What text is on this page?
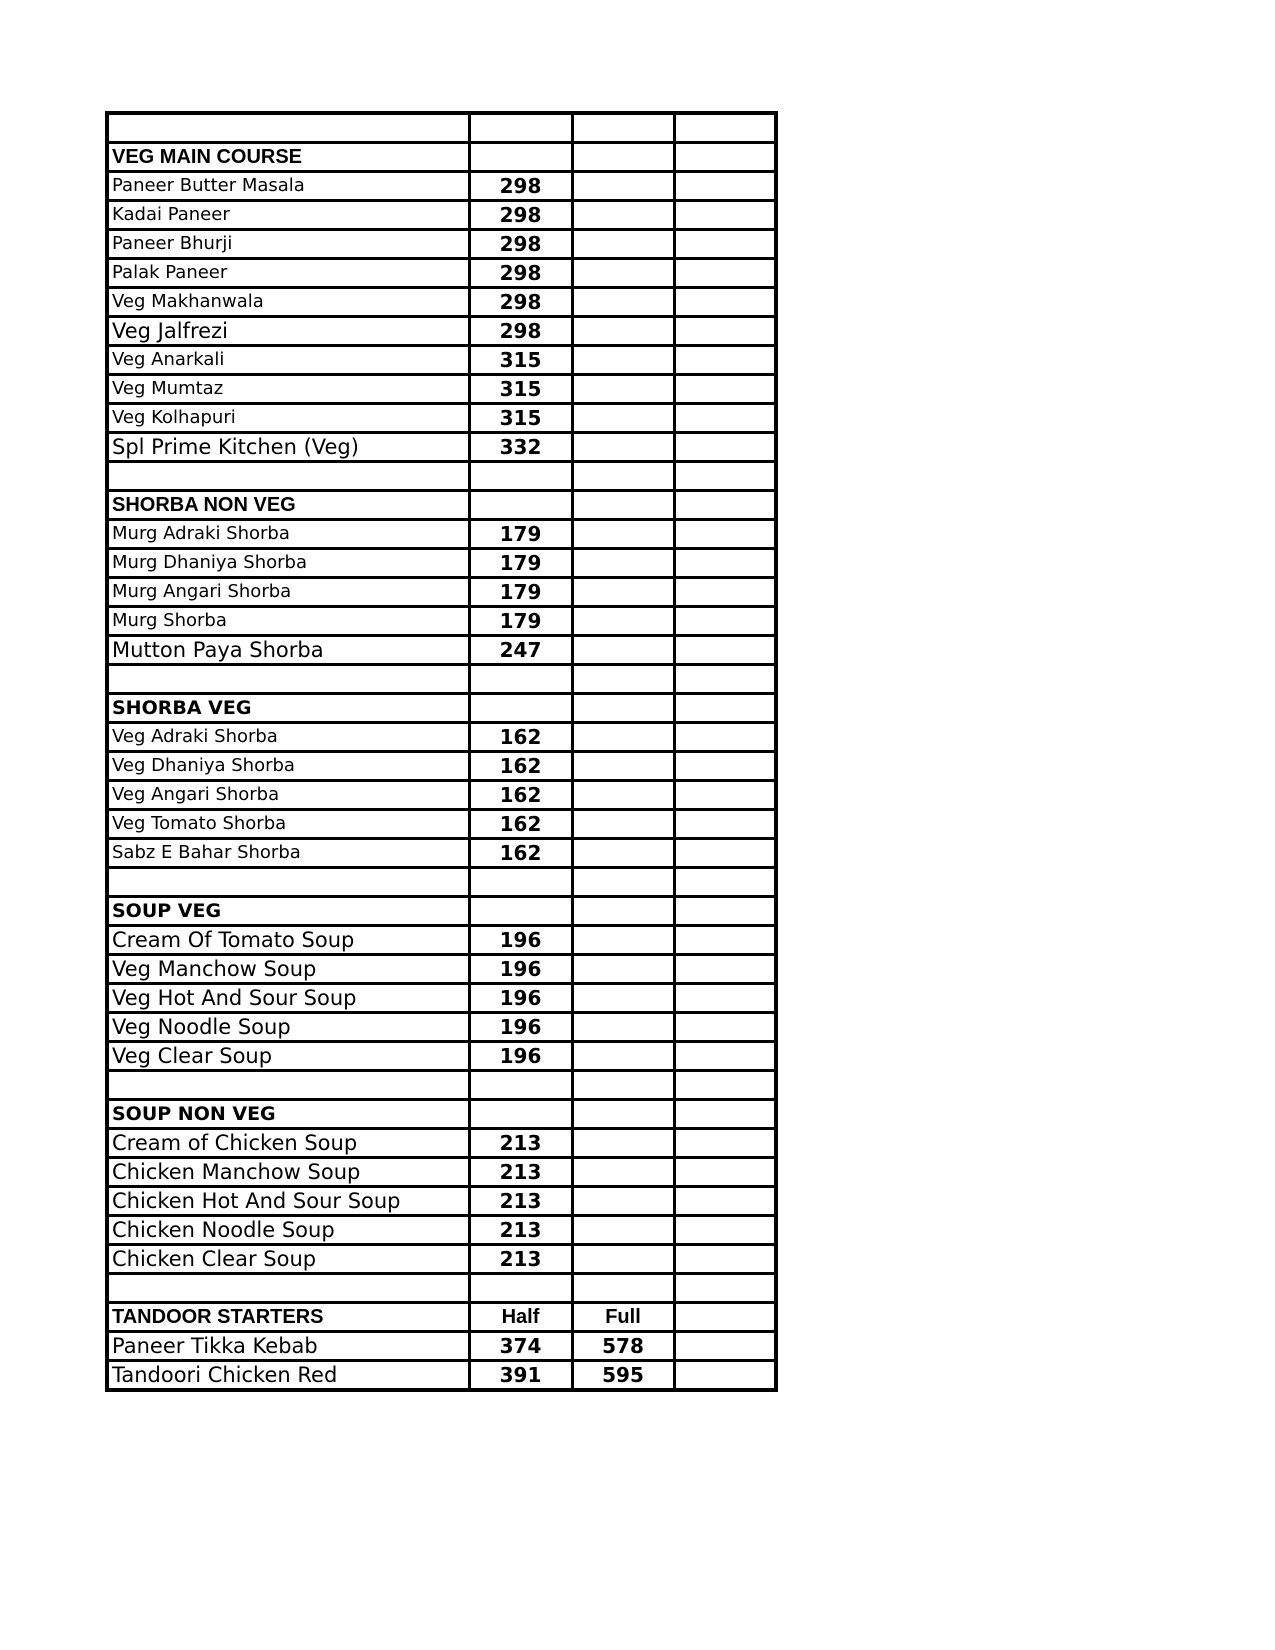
VEG MAIN COURSE			
Paneer Butter Masala	298		
Kadai Paneer	298		
Paneer Bhurji	298		
Palak Paneer	298		
Veg Makhanwala	298		
Veg Jalfrezi	298		
Veg Anarkali	315		
Veg Mumtaz	315		
Veg Kolhapuri	315		
Spl Prime Kitchen (Veg)	332		

SHORBA NON VEG			
Murg Adraki Shorba	179		
Murg Dhaniya Shorba	179		
Murg Angari Shorba	179		
Murg Shorba	179		
Mutton Paya Shorba	247		

SHORBA VEG			
Veg Adraki Shorba	162		
Veg Dhaniya Shorba	162		
Veg Angari Shorba	162		
Veg Tomato Shorba	162		
Sabz E Bahar Shorba	162		

SOUP VEG			
Cream Of Tomato Soup	196		
Veg Manchow Soup	196		
Veg Hot And Sour Soup	196		
Veg Noodle Soup	196		
Veg Clear Soup	196		

SOUP NON VEG			
Cream of Chicken Soup	213		
Chicken Manchow Soup	213		
Chicken Hot And Sour Soup	213		
Chicken Noodle Soup	213		
Chicken Clear Soup	213		

TANDOOR STARTERS	Half	Full	
Paneer Tikka Kebab	374	578	
Tandoori Chicken Red	391	595	
